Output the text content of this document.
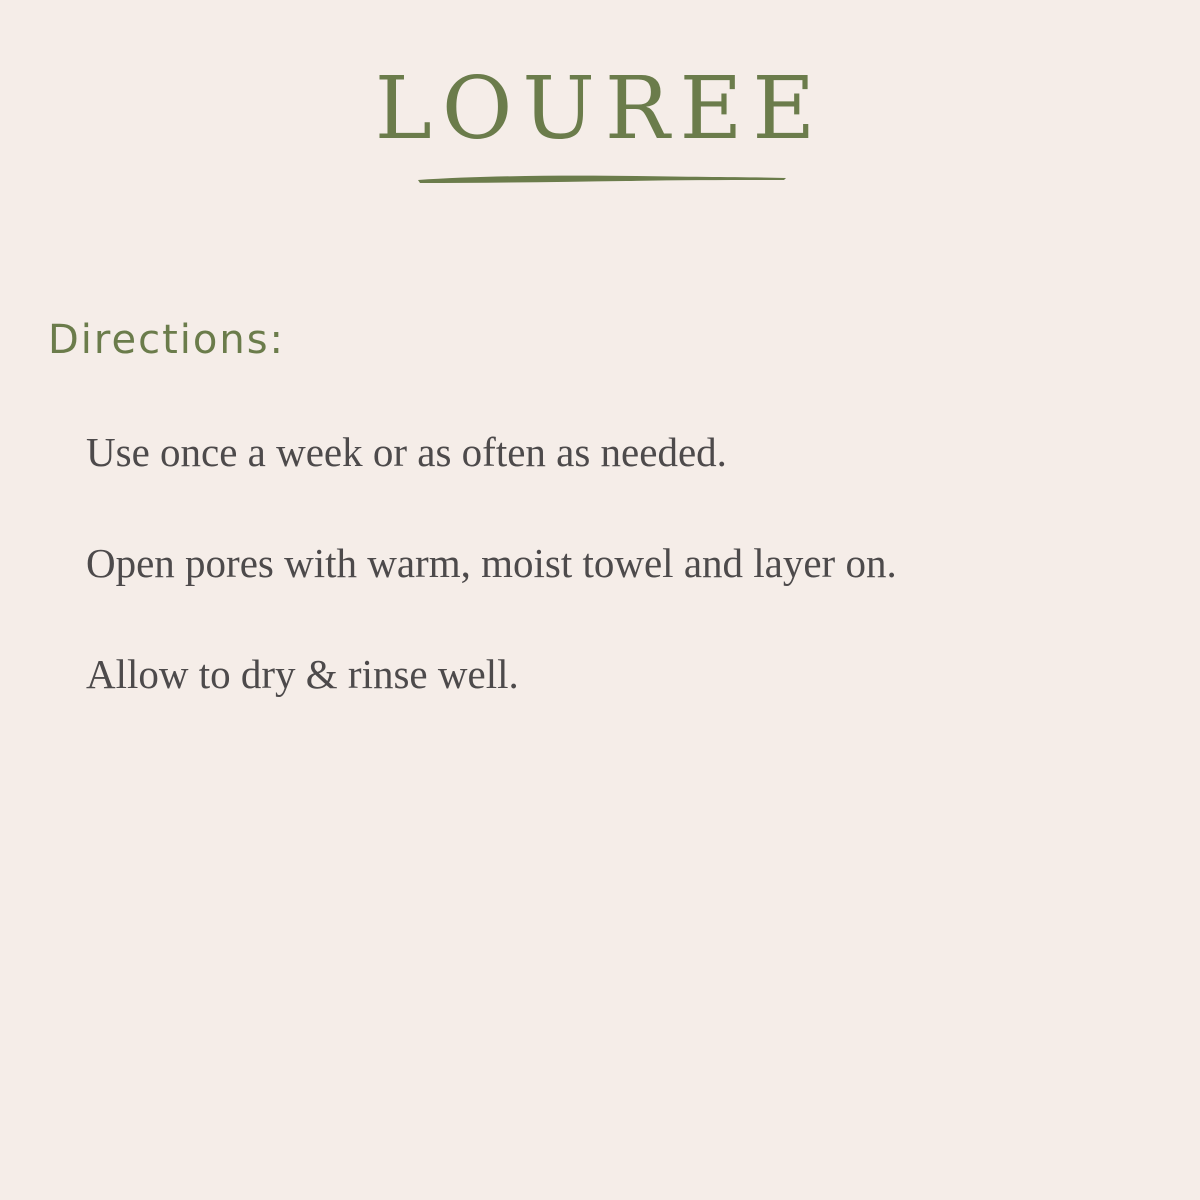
LOUREE
Directions:
Use once a week or as often as needed.
Open pores with warm, moist towel and layer on.
Allow to dry & rinse well.
